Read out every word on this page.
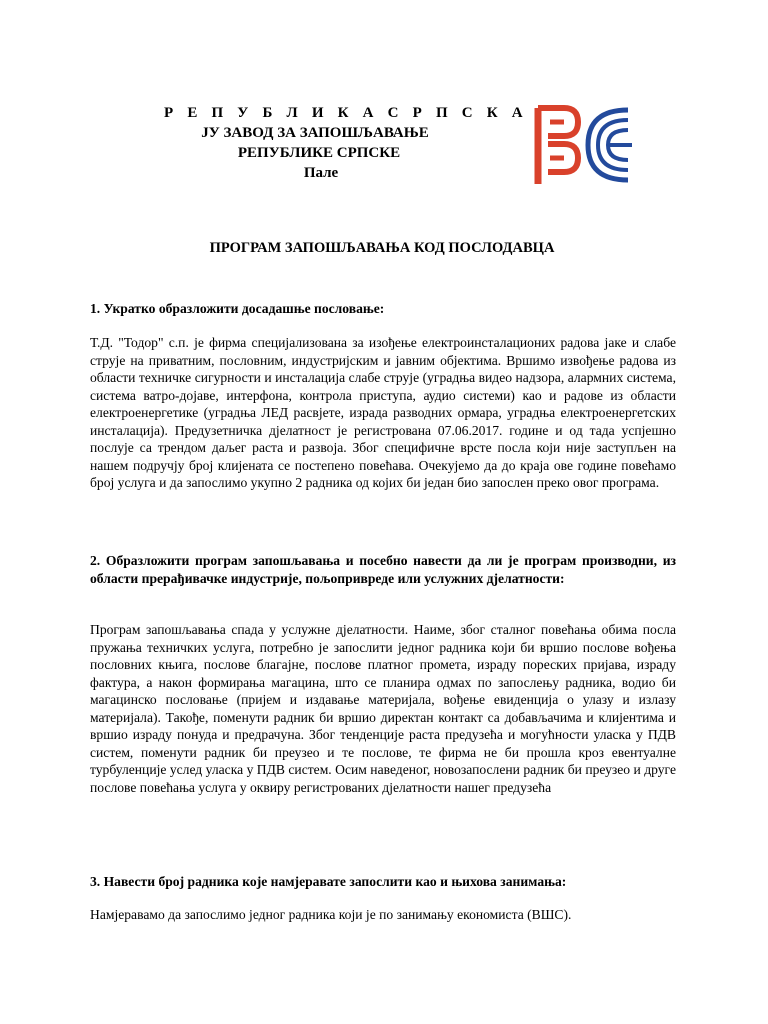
Р Е П У Б Л И К А С Р П С К А
ЈУ ЗАВОД ЗА ЗАПОШЉАВАЊЕ
РЕПУБЛИКЕ СРПСКЕ
Пале
ПРОГРАМ ЗАПОШЉАВАЊА КОД ПОСЛОДАВЦА
1. Укратко образложити досадашње пословање:
Т.Д. "Тодор" с.п. је фирма специјализована за изођење електроинсталационих радова јаке и слабе струје на приватним, пословним, индустријским и јавним објектима. Вршимо извођење радова из области техничке сигурности и инсталација слабе струје (уградња видео надзора, алармних система, система ватро-дојаве, интерфона, контрола приступа, аудио системи) као и радове из области електроенергетике (уградња ЛЕД расвјете, израда разводних ормара, уградња електроенергетских инсталација). Предузетничка дјелатност је регистрована 07.06.2017. године и од тада успјешно послује са трендом даљег раста и развоја. Због специфичне врсте посла који није заступљен на нашем подручју број клијената се постепено повећава. Очекујемо да до краја ове године повећамо број услуга и да запослимо укупно 2 радника од којих би један био запослен преко овог програма.
2. Образложити програм запошљавања и посебно навести да ли је програм производни, из области прерађивачке индустрије, пољопривреде или услужних дјелатности:
Програм запошљавања спада у услужне дјелатности. Наиме, због сталног повећања обима посла пружања техничких услуга, потребно је запослити једног радника који би вршио послове вођења пословних књига, послове благајне, послове платног промета, израду пореских пријава, израду фактура, а након формирања магацина, што се планира одмах по запослењу радника, водио би магацинско пословање (пријем и издавање материјала, вођење евиденција о улазу и излазу материјала). Такође, поменути радник би вршио директан контакт са добављачима и клијентима и вршио израду понуда и предрачуна. Због тенденције раста предузећа и могућности уласка у ПДВ систем, поменути радник би преузео и те послове, те фирма не би прошла кроз евентуалне турбуленције услед уласка у ПДВ систем. Осим наведеног, новозапослени радник би преузео и друге послове повећања услуга у оквиру регистрованих дјелатности нашег предузећа
3. Навести број радника које намјеравате запослити као и њихова занимања:
Намјеравамо да запослимо једног радника који је по занимању економиста (ВШС).
